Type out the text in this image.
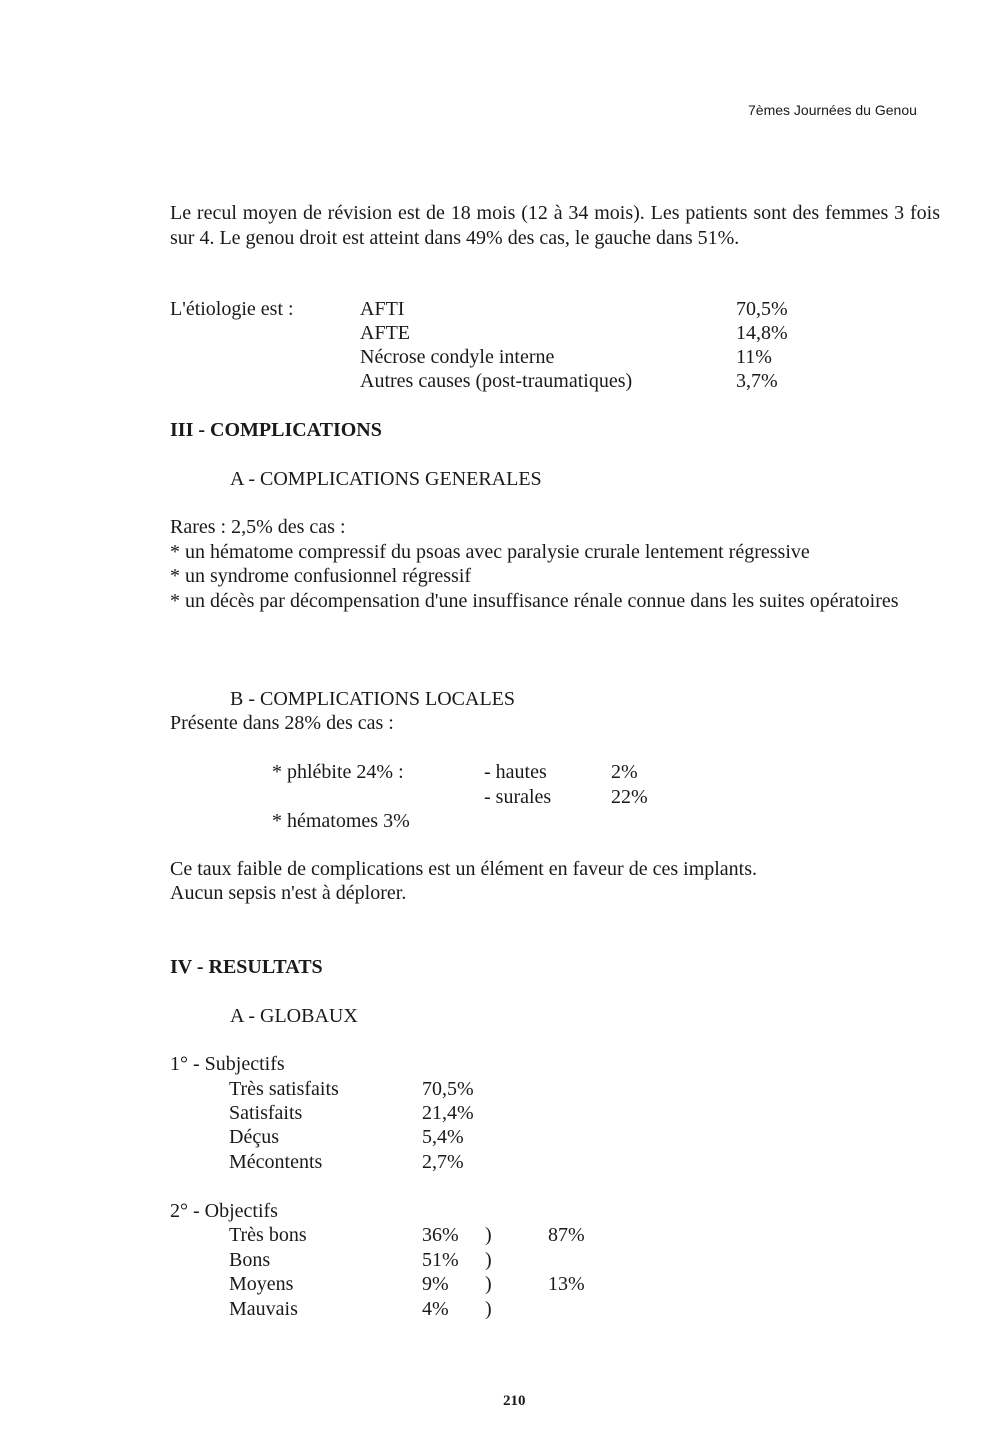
7èmes Journées du Genou

Le recul moyen de révision est de 18 mois (12 à 34 mois). Les patients sont des femmes 3 fois sur 4. Le genou droit est atteint dans 49% des cas, le gauche dans 51%.

L'étiologie est :	AFTI	70,5%
AFTE	14,8%
Nécrose condyle interne	11%
Autres causes (post-traumatiques)	3,7%
III - COMPLICATIONS
A - COMPLICATIONS GENERALES

Rares : 2,5% des cas :

* un hématome compressif du psoas avec paralysie crurale lentement régressive

* un syndrome confusionnel régressif

* un décès par décompensation d'une insuffisance rénale connue dans les suites opératoires

B - COMPLICATIONS LOCALES
Présente dans 28% des cas :
* phlébite 24% :	- hautes	2%
- surales	22%
* hématomes 3%
Ce taux faible de complications est un élément en faveur de ces implants.
Aucun sepsis n'est à déplorer.
IV - RESULTATS
A - GLOBAUX
1° - Subjectifs
Très satisfaits	70,5%
Satisfaits	21,4%
Déçus	5,4%
Mécontents	2,7%
2° - Objectifs
Très bons	36% )	87%
Bons	51% )
Moyens	9% )	13%
Mauvais	4% )
210
